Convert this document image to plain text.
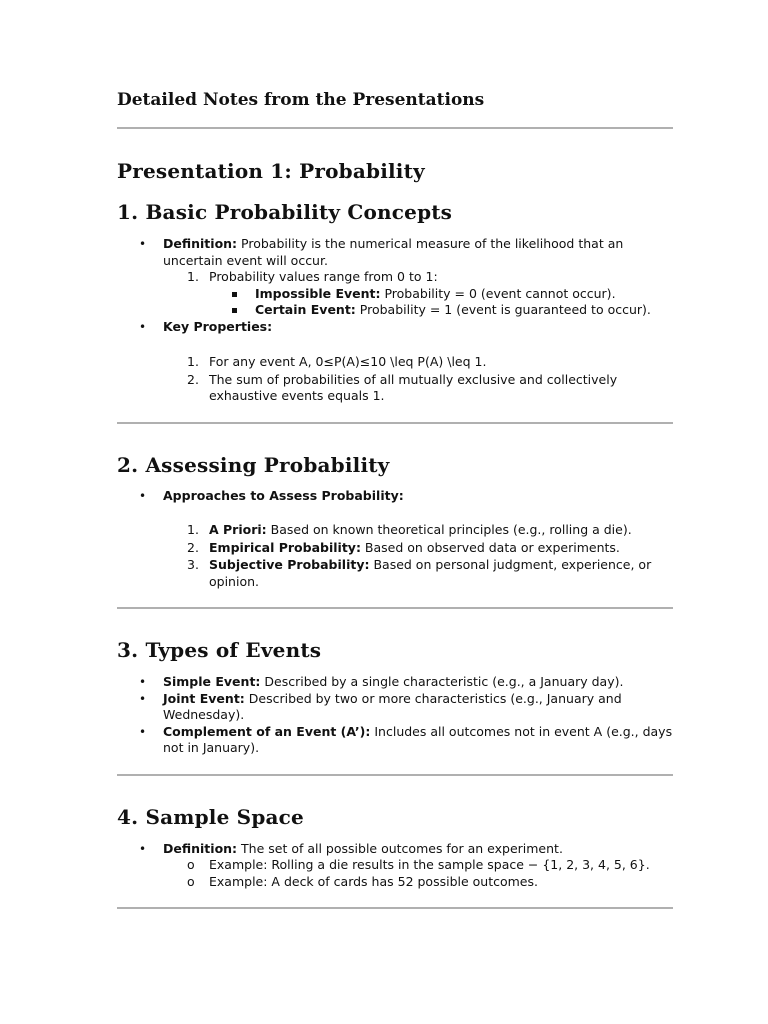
Detailed Notes from the Presentations
Presentation 1: Probability
1. Basic Probability Concepts
• Definition: Probability is the numerical measure of the likelihood that an uncertain event will occur.
1. Probability values range from 0 to 1:
Impossible Event: Probability = 0 (event cannot occur).
Certain Event: Probability = 1 (event is guaranteed to occur).
• Key Properties:
1. For any event A, 0≤P(A)≤10 \leq P(A) \leq 1.
2. The sum of probabilities of all mutually exclusive and collectively exhaustive events equals 1.
2. Assessing Probability
• Approaches to Assess Probability:
1. A Priori: Based on known theoretical principles (e.g., rolling a die).
2. Empirical Probability: Based on observed data or experiments.
3. Subjective Probability: Based on personal judgment, experience, or opinion.
3. Types of Events
• Simple Event: Described by a single characteristic (e.g., a January day).
• Joint Event: Described by two or more characteristics (e.g., January and Wednesday).
• Complement of an Event (A’): Includes all outcomes not in event A (e.g., days not in January).
4. Sample Space
• Definition: The set of all possible outcomes for an experiment.
o Example: Rolling a die results in the sample space − {1, 2, 3, 4, 5, 6}.
o Example: A deck of cards has 52 possible outcomes.
